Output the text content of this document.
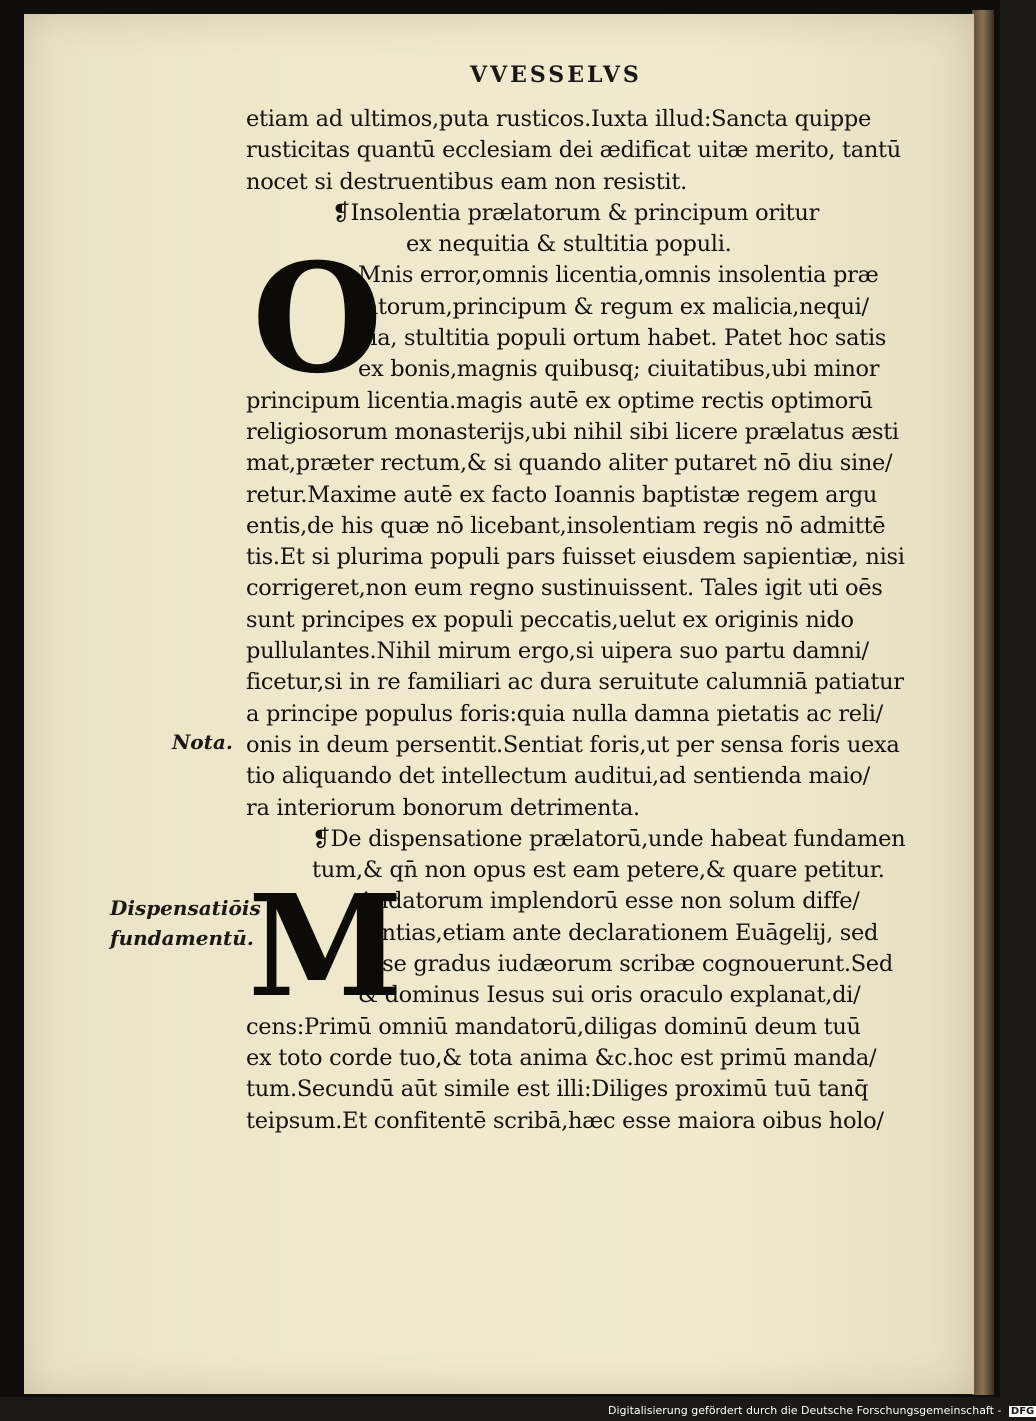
VVESSELVS
Nota.
Dispensatiōis
fundamentū.
etiam ad ultimos,puta rusticos.Iuxta illud:Sancta quippe
rusticitas quantū ecclesiam dei ædificat uitæ merito, tantū
nocet si destruentibus eam non resistit.
❡Insolentia prælatorum & principum oritur
ex nequitia & stultitia populi.
O
Mnis error,omnis licentia,omnis insolentia præ
latorum,principum & regum ex malicia,nequi/
cia, stultitia populi ortum habet. Patet hoc satis
ex bonis,magnis quibusq; ciuitatibus,ubi minor
principum licentia.magis autē ex optime rectis optimorū
religiosorum monasterijs,ubi nihil sibi licere prælatus æsti
mat,præter rectum,& si quando aliter putaret nō diu sine/
retur.Maxime autē ex facto Ioannis baptistæ regem argu
entis,de his quæ nō licebant,insolentiam regis nō admittē
tis.Et si plurima populi pars fuisset eiusdem sapientiæ, nisi
corrigeret,non eum regno sustinuissent. Tales igit uti oēs
sunt principes ex populi peccatis,uelut ex originis nido
pullulantes.Nihil mirum ergo,si uipera suo partu damni/
ficetur,si in re familiari ac dura seruitute calumniā patiatur
a principe populus foris:quia nulla damna pietatis ac reli/
onis in deum persentit.Sentiat foris,ut per sensa foris uexa
tio aliquando det intellectum auditui,ad sentienda maio/
ra interiorum bonorum detrimenta.
❡De dispensatione prælatorū,unde habeat fundamen
tum,& qn̄ non opus est eam petere,& quare petitur.
M
Andatorum implendorū esse non solum diffe/
rentias,etiam ante declarationem Euāgelij, sed
esse gradus iudæorum scribæ cognouerunt.Sed
& dominus Iesus sui oris oraculo explanat,di/
cens:Primū omniū mandatorū,diligas dominū deum tuū
ex toto corde tuo,& tota anima &c.hoc est primū manda/
tum.Secundū aūt simile est illi:Diliges proximū tuū tanq̄
teipsum.Et confitentē scribā,hæc esse maiora oibus holo/
Digitalisierung gefördert durch die Deutsche Forschungsgemeinschaft - DFG
